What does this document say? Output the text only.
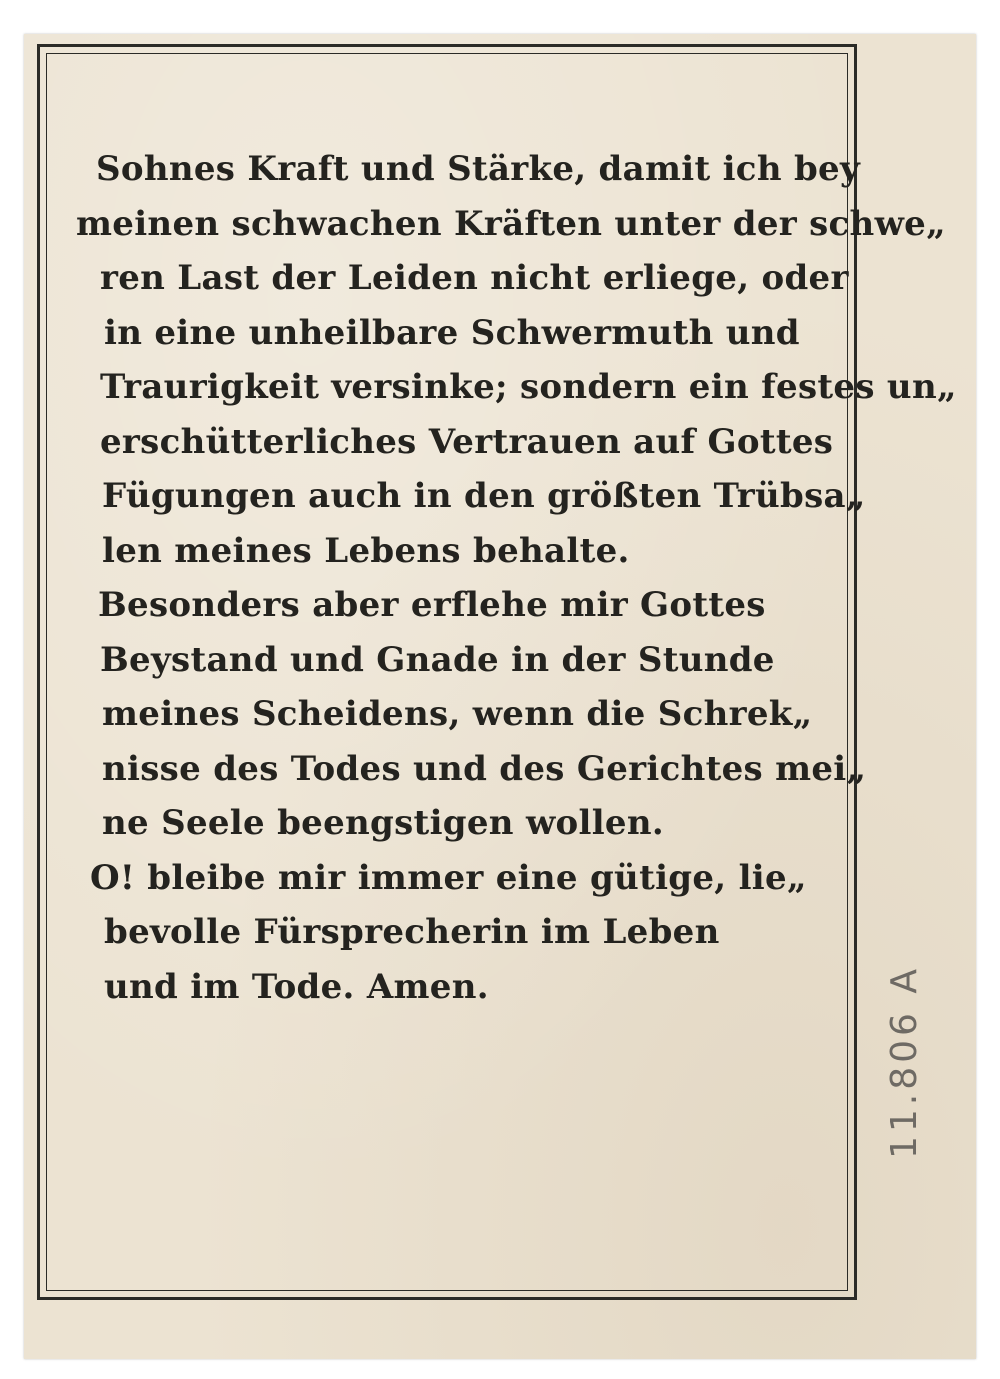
Sohnes Kraft und Stärke, damit ich bey
meinen schwachen Kräften unter der schwe„
ren Last der Leiden nicht erliege, oder
in eine unheilbare Schwermuth und
Traurigkeit versinke; sondern ein festes un„
erschütterliches Vertrauen auf Gottes
Fügungen auch in den größten Trübsa„
len meines Lebens behalte.
Besonders aber erflehe mir Gottes
Beystand und Gnade in der Stunde
meines Scheidens, wenn die Schrek„
nisse des Todes und des Gerichtes mei„
ne Seele beengstigen wollen.
O! bleibe mir immer eine gütige, lie„
bevolle Fürsprecherin im Leben
und im Tode. Amen.	11.806 A
